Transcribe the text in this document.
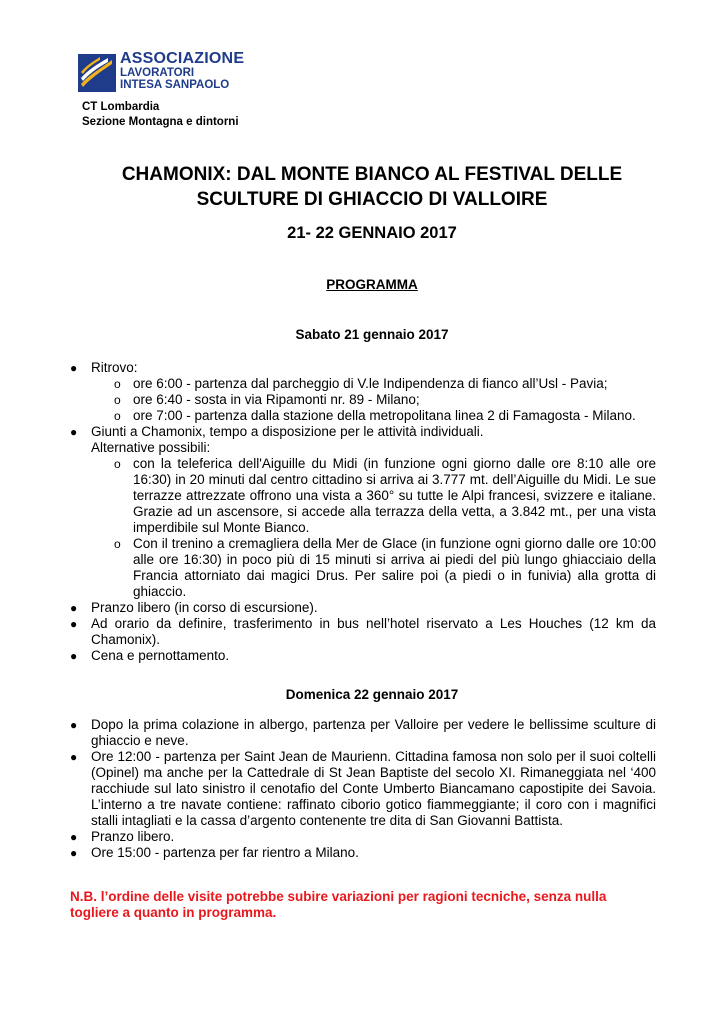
ASSOCIAZIONE
LAVORATORI
INTESA SANPAOLO
CT Lombardia
Sezione Montagna e dintorni
CHAMONIX: DAL MONTE BIANCO AL FESTIVAL DELLE
SCULTURE DI GHIACCIO DI VALLOIRE
21- 22 GENNAIO 2017
PROGRAMMA
Sabato 21 gennaio 2017
● Ritrovo:
o ore 6:00 - partenza dal parcheggio di V.le Indipendenza di fianco all’Usl - Pavia;
o ore 6:40 - sosta in via Ripamonti nr. 89 - Milano;
o ore 7:00 - partenza dalla stazione della metropolitana linea 2 di Famagosta - Milano.
● Giunti a Chamonix, tempo a disposizione per le attività individuali.
Alternative possibili:
o con la teleferica dell'Aiguille du Midi (in funzione ogni giorno dalle ore 8:10 alle ore 16:30) in 20 minuti dal centro cittadino si arriva ai 3.777 mt. dell’Aiguille du Midi. Le sue terrazze attrezzate offrono una vista a 360° su tutte le Alpi francesi, svizzere e italiane. Grazie ad un ascensore, si accede alla terrazza della vetta, a 3.842 mt., per una vista imperdibile sul Monte Bianco.
o Con il trenino a cremagliera della Mer de Glace (in funzione ogni giorno dalle ore 10:00 alle ore 16:30) in poco più di 15 minuti si arriva ai piedi del più lungo ghiacciaio della Francia attorniato dai magici Drus. Per salire poi (a piedi o in funivia) alla grotta di ghiaccio.
● Pranzo libero (in corso di escursione).
● Ad orario da definire, trasferimento in bus nell’hotel riservato a Les Houches (12 km da Chamonix).
● Cena e pernottamento.
Domenica 22 gennaio 2017
● Dopo la prima colazione in albergo, partenza per Valloire per vedere le bellissime sculture di ghiaccio e neve.
● Ore 12:00 - partenza per Saint Jean de Maurienn. Cittadina famosa non solo per il suoi coltelli (Opinel) ma anche per la Cattedrale di St Jean Baptiste del secolo XI. Rimaneggiata nel ‘400 racchiude sul lato sinistro il cenotafio del Conte Umberto Biancamano capostipite dei Savoia. L’interno a tre navate contiene: raffinato ciborio gotico fiammeggiante; il coro con i magnifici stalli intagliati e la cassa d’argento contenente tre dita di San Giovanni Battista.
● Pranzo libero.
● Ore 15:00 - partenza per far rientro a Milano.
N.B. l’ordine delle visite potrebbe subire variazioni per ragioni tecniche, senza nulla togliere a quanto in programma.
